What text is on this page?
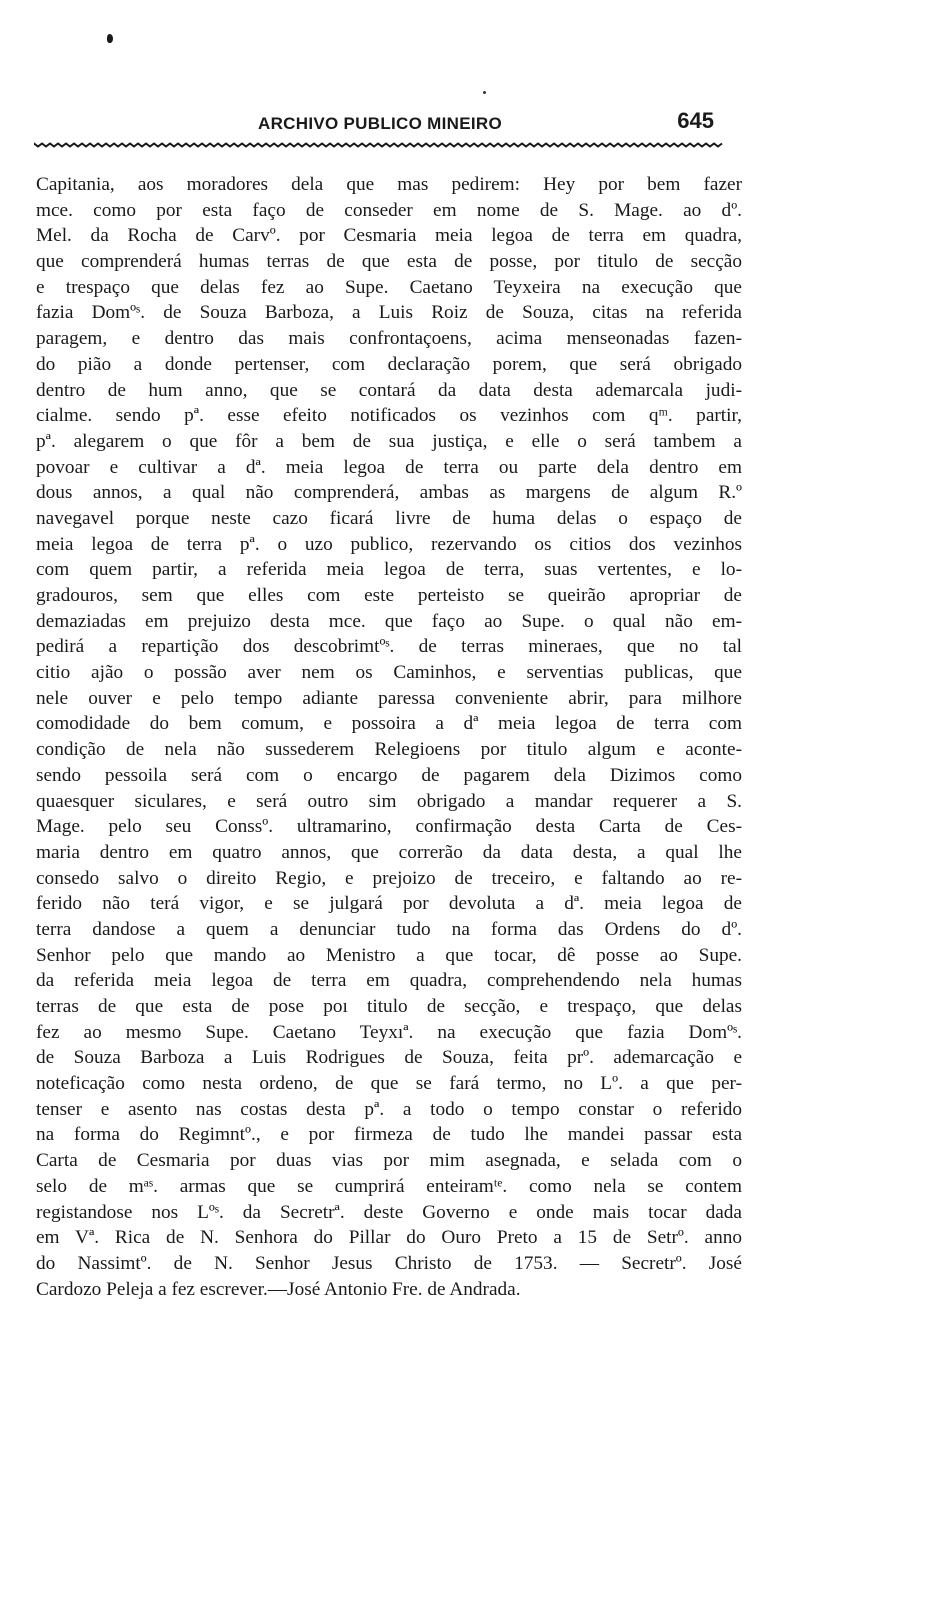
ARCHIVO PUBLICO MINEIRO	645
Capitania, aos moradores dela que mas pedirem: Hey por bem fazer
mce. como por esta faço de conseder em nome de S. Mage. ao dº.
Mel. da Rocha de Carvº. por Cesmaria meia legoa de terra em quadra,
que comprenderá humas terras de que esta de posse, por titulo de secção
e trespaço que delas fez ao Supe. Caetano Teyxeira na execução que
fazia Domºˢ. de Souza Barboza, a Luis Roiz de Souza, citas na referida
paragem, e dentro das mais confrontaçoens, acima menseonadas fazen-
do pião a donde pertenser, com declaração porem, que será obrigado
dentro de hum anno, que se contará da data desta ademarcala judi-
cialme. sendo pª. esse efeito notificados os vezinhos com qᵐ. partir,
pª. alegarem o que fôr a bem de sua justiça, e elle o será tambem a
povoar e cultivar a dª. meia legoa de terra ou parte dela dentro em
dous annos, a qual não comprenderá, ambas as margens de algum R.º
navegavel porque neste cazo ficará livre de huma delas o espaço de
meia legoa de terra pª. o uzo publico, rezervando os citios dos vezinhos
com quem partir, a referida meia legoa de terra, suas vertentes, e lo-
gradouros, sem que elles com este perteisto se queirão apropriar de
demaziadas em prejuizo desta mce. que faço ao Supe. o qual não em-
pedirá a repartição dos descobrimtºˢ. de terras mineraes, que no tal
citio ajão o possão aver nem os Caminhos, e serventias publicas, que
nele ouver e pelo tempo adiante paressa conveniente abrir, para milhore
comodidade do bem comum, e possoira a dª meia legoa de terra com
condição de nela não sussederem Relegioens por titulo algum e aconte-
sendo pessoila será com o encargo de pagarem dela Dizimos como
quaesquer siculares, e será outro sim obrigado a mandar requerer a S.
Mage. pelo seu Conssº. ultramarino, confirmação desta Carta de Ces-
maria dentro em quatro annos, que correrão da data desta, a qual lhe
consedo salvo o direito Regio, e prejoizo de treceiro, e faltando ao re-
ferido não terá vigor, e se julgará por devoluta a dª. meia legoa de
terra dandose a quem a denunciar tudo na forma das Ordens do dº.
Senhor pelo que mando ao Menistro a que tocar, dê posse ao Supe.
da referida meia legoa de terra em quadra, comprehendendo nela humas
terras de que esta de pose poı titulo de secção, e trespaço, que delas
fez ao mesmo Supe. Caetano Teyxıª. na execução que fazia Domºˢ.
de Souza Barboza a Luis Rodrigues de Souza, feita prº. ademarcação e
noteficação como nesta ordeno, de que se fará termo, no Lº. a que per-
tenser e asento nas costas desta pª. a todo o tempo constar o referido
na forma do Regimntº., e por firmeza de tudo lhe mandei passar esta
Carta de Cesmaria por duas vias por mim asegnada, e selada com o
selo de mᵃˢ. armas que se cumprirá enteiramᵗᵉ. como nela se contem
registandose nos Lºˢ. da Secretrª. deste Governo e onde mais tocar dada
em Vª. Rica de N. Senhora do Pillar do Ouro Preto a 15 de Setrº. anno
do Nassimtº. de N. Senhor Jesus Christo de 1753. — Secretrº. José
Cardozo Peleja a fez escrever.—José Antonio Fre. de Andrada.
